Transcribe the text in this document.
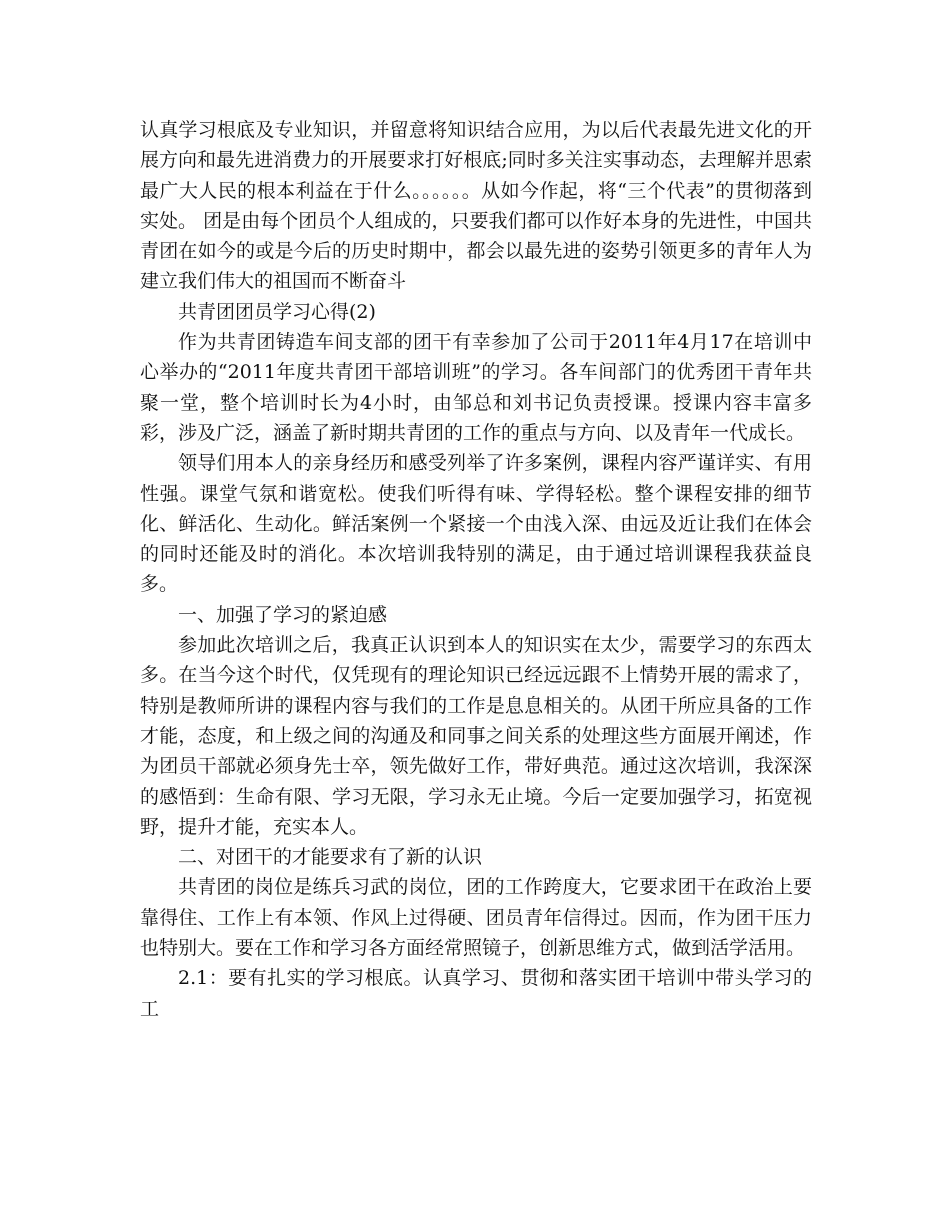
认真学习根底及专业知识，并留意将知识结合应用，为以后代表最先进文化的开展方向和最先进消费力的开展要求打好根底;同时多关注实事动态，去理解并思索最广大人民的根本利益在于什么。。。。。。从如今作起，将“三个代表”的贯彻落到实处。 团是由每个团员个人组成的，只要我们都可以作好本身的先进性，中国共青团在如今的或是今后的历史时期中，都会以最先进的姿势引领更多的青年人为建立我们伟大的祖国而不断奋斗

共青团团员学习心得(2)

作为共青团铸造车间支部的团干有幸参加了公司于2011年4月17在培训中心举办的“2011年度共青团干部培训班”的学习。各车间部门的优秀团干青年共聚一堂，整个培训时长为4小时，由邹总和刘书记负责授课。授课内容丰富多彩，涉及广泛，涵盖了新时期共青团的工作的重点与方向、以及青年一代成长。

领导们用本人的亲身经历和感受列举了许多案例，课程内容严谨详实、有用性强。课堂气氛和谐宽松。使我们听得有味、学得轻松。整个课程安排的细节化、鲜活化、生动化。鲜活案例一个紧接一个由浅入深、由远及近让我们在体会的同时还能及时的消化。本次培训我特别的满足，由于通过培训课程我获益良多。

一、加强了学习的紧迫感

参加此次培训之后，我真正认识到本人的知识实在太少，需要学习的东西太多。在当今这个时代，仅凭现有的理论知识已经远远跟不上情势开展的需求了，特别是教师所讲的课程内容与我们的工作是息息相关的。从团干所应具备的工作才能，态度，和上级之间的沟通及和同事之间关系的处理这些方面展开阐述，作为团员干部就必须身先士卒，领先做好工作，带好典范。通过这次培训，我深深的感悟到：生命有限、学习无限，学习永无止境。今后一定要加强学习，拓宽视野，提升才能，充实本人。

二、对团干的才能要求有了新的认识

共青团的岗位是练兵习武的岗位，团的工作跨度大，它要求团干在政治上要靠得住、工作上有本领、作风上过得硬、团员青年信得过。因而，作为团干压力也特别大。要在工作和学习各方面经常照镜子，创新思维方式，做到活学活用。

2.1：要有扎实的学习根底。认真学习、贯彻和落实团干培训中带头学习的工
